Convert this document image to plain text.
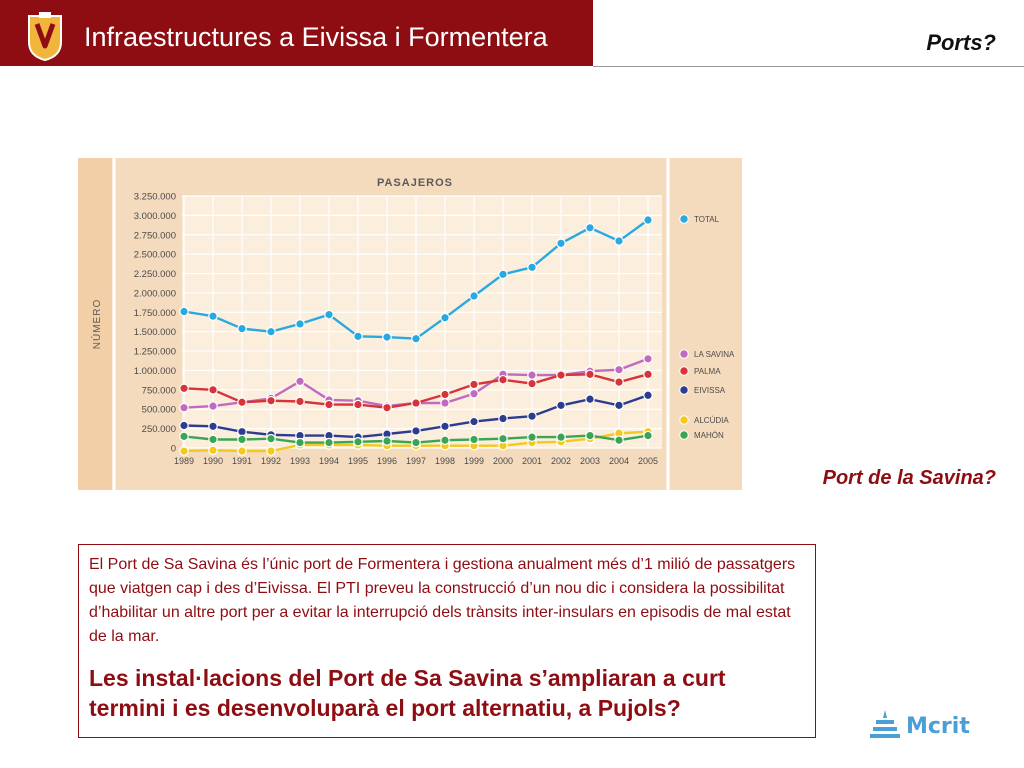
Infraestructures a Eivissa i Formentera	Ports?
PASAJEROS
NÚMERO
0
250.000
500.000
750.000
1.000.000
1.250.000
1.500.000
1.750.000
2.000.000
2.250.000
2.500.000
2.750.000
3.000.000
3.250.000
1989 1990 1991 1992 1993 1994 1995 1996 1997 1998 1999 2000 2001 2002 2003 2004 2005
TOTAL
LA SAVINA
PALMA
EIVISSA
ALCÚDIA
MAHÓN
Port de la Savina?

El Port de Sa Savina és l’únic port de Formentera i gestiona anualment més d’1 milió de passatgers que viatgen cap i des d’Eivissa. El PTI preveu la construcció d’un nou dic i considera la possibilitat d’habilitar un altre port per a evitar la interrupció dels trànsits inter-insulars en episodis de mal estat de la mar.

Les instal·lacions del Port de Sa Savina s’ampliaran a curt termini i es desenvoluparà el port alternatiu, a Pujols?

Mcrit
